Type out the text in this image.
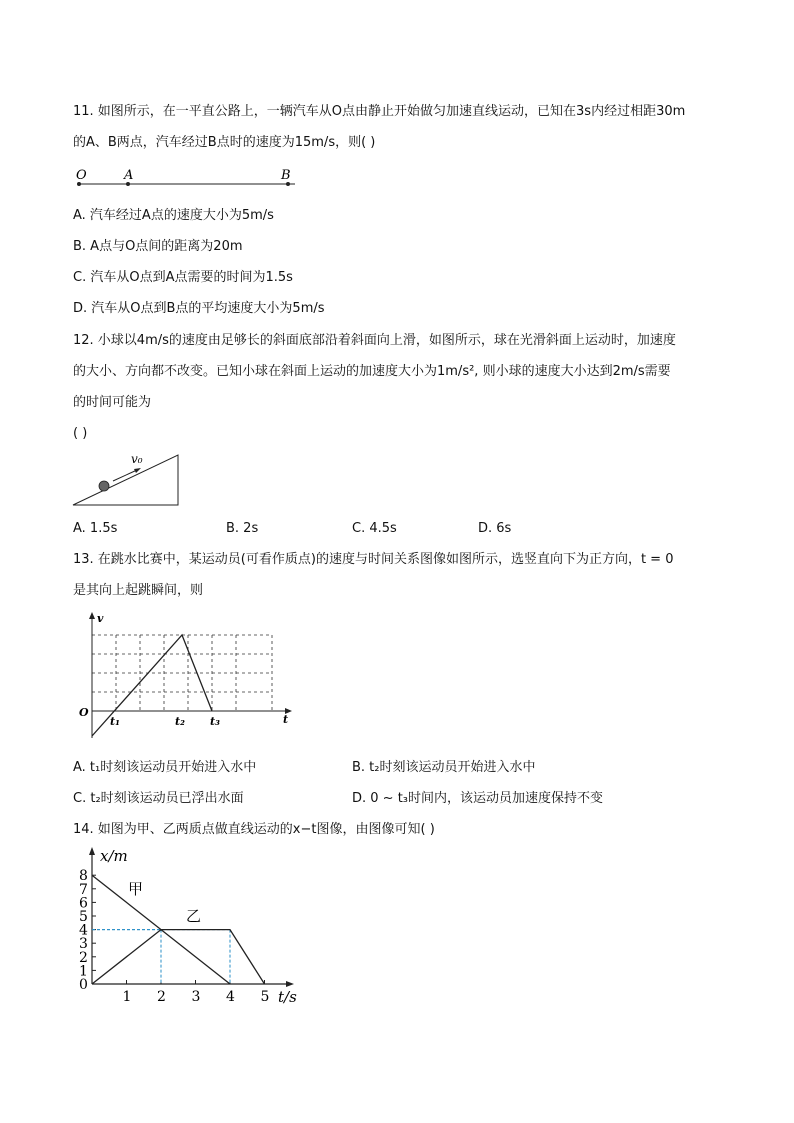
11. 如图所示，在一平直公路上，一辆汽车从O点由静止开始做匀加速直线运动，已知在3s内经过相距30m
的A、B两点，汽车经过B点时的速度为15m/s，则( )
O	A	B
A. 汽车经过A点的速度大小为5m/s
B. A点与O点间的距离为20m
C. 汽车从O点到A点需要的时间为1.5s
D. 汽车从O点到B点的平均速度大小为5m/s
12. 小球以4m/s的速度由足够长的斜面底部沿着斜面向上滑，如图所示，球在光滑斜面上运动时，加速度
的大小、方向都不改变。已知小球在斜面上运动的加速度大小为1m/s², 则小球的速度大小达到2m/s需要
的时间可能为
( )
v₀
A. 1.5s	B. 2s	C. 4.5s	D. 6s
13. 在跳水比赛中，某运动员(可看作质点)的速度与时间关系图像如图所示，选竖直向下为正方向，t = 0
是其向上起跳瞬间，则
v
O
t
t₁	t₂ t₃
A. t₁时刻该运动员开始进入水中	B. t₂时刻该运动员开始进入水中
C. t₂时刻该运动员已浮出水面	D. 0 ~ t₃时间内，该运动员加速度保持不变
14. 如图为甲、乙两质点做直线运动的x−t图像，由图像可知( )
0
1
2
3
4
5
6
7
8
1 2 3 4 5
x/m
t/s
甲
乙
